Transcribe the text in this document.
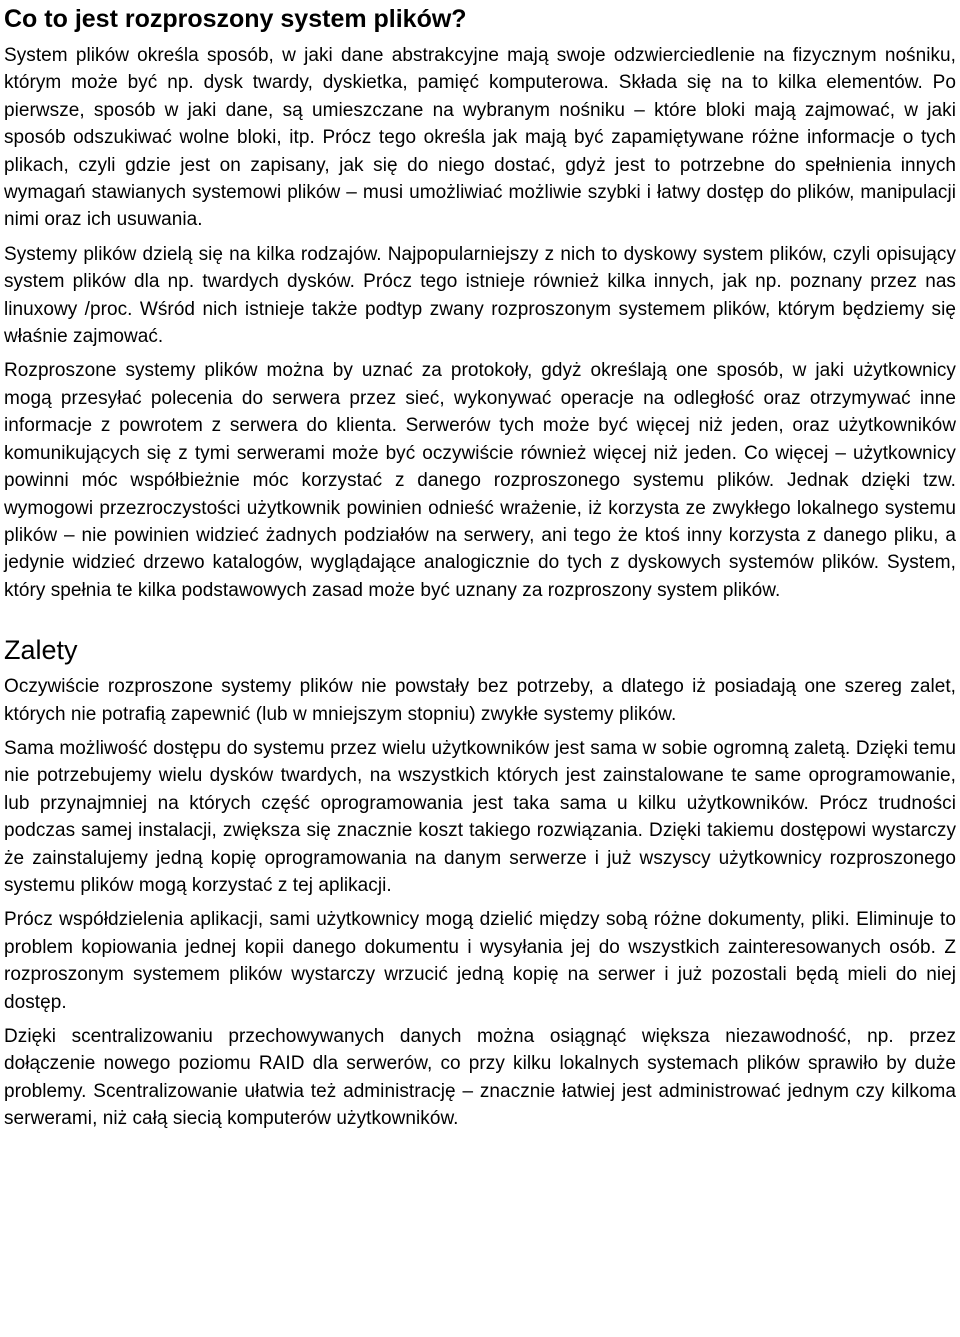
Co to jest rozproszony system plików?

System plików określa sposób, w jaki dane abstrakcyjne mają swoje odzwierciedlenie na fizycznym nośniku, którym może być np. dysk twardy, dyskietka, pamięć komputerowa. Składa się na to kilka elementów. Po pierwsze, sposób w jaki dane, są umieszczane na wybranym nośniku – które bloki mają zajmować, w jaki sposób odszukiwać wolne bloki, itp. Prócz tego określa jak mają być zapamiętywane różne informacje o tych plikach, czyli gdzie jest on zapisany, jak się do niego dostać, gdyż jest to potrzebne do spełnienia innych wymagań stawianych systemowi plików – musi umożliwiać możliwie szybki i łatwy dostęp do plików, manipulacji nimi oraz ich usuwania.

Systemy plików dzielą się na kilka rodzajów. Najpopularniejszy z nich to dyskowy system plików, czyli opisujący system plików dla np. twardych dysków. Prócz tego istnieje również kilka innych, jak np. poznany przez nas linuxowy /proc. Wśród nich istnieje także podtyp zwany rozproszonym systemem plików, którym będziemy się właśnie zajmować.

Rozproszone systemy plików można by uznać za protokoły, gdyż określają one sposób, w jaki użytkownicy mogą przesyłać polecenia do serwera przez sieć, wykonywać operacje na odległość oraz otrzymywać inne informacje z powrotem z serwera do klienta. Serwerów tych może być więcej niż jeden, oraz użytkowników komunikujących się z tymi serwerami może być oczywiście również więcej niż jeden. Co więcej – użytkownicy powinni móc współbieżnie móc korzystać z danego rozproszonego systemu plików. Jednak dzięki tzw. wymogowi przezroczystości użytkownik powinien odnieść wrażenie, iż korzysta ze zwykłego lokalnego systemu plików – nie powinien widzieć żadnych podziałów na serwery, ani tego że ktoś inny korzysta z danego pliku, a jedynie widzieć drzewo katalogów, wyglądające analogicznie do tych z dyskowych systemów plików. System, który spełnia te kilka podstawowych zasad może być uznany za rozproszony system plików.

Zalety

Oczywiście rozproszone systemy plików nie powstały bez potrzeby, a dlatego iż posiadają one szereg zalet, których nie potrafią zapewnić (lub w mniejszym stopniu) zwykłe systemy plików.

Sama możliwość dostępu do systemu przez wielu użytkowników jest sama w sobie ogromną zaletą. Dzięki temu nie potrzebujemy wielu dysków twardych, na wszystkich których jest zainstalowane te same oprogramowanie, lub przynajmniej na których część oprogramowania jest taka sama u kilku użytkowników. Prócz trudności podczas samej instalacji, zwiększa się znacznie koszt takiego rozwiązania. Dzięki takiemu dostępowi wystarczy że zainstalujemy jedną kopię oprogramowania na danym serwerze i już wszyscy użytkownicy rozproszonego systemu plików mogą korzystać z tej aplikacji.

Prócz współdzielenia aplikacji, sami użytkownicy mogą dzielić między sobą różne dokumenty, pliki. Eliminuje to problem kopiowania jednej kopii danego dokumentu i wysyłania jej do wszystkich zainteresowanych osób. Z rozproszonym systemem plików wystarczy wrzucić jedną kopię na serwer i już pozostali będą mieli do niej dostęp.

Dzięki scentralizowaniu przechowywanych danych można osiągnąć większa niezawodność, np. przez dołączenie nowego poziomu RAID dla serwerów, co przy kilku lokalnych systemach plików sprawiło by duże problemy. Scentralizowanie ułatwia też administrację – znacznie łatwiej jest administrować jednym czy kilkoma serwerami, niż całą siecią komputerów użytkowników.
